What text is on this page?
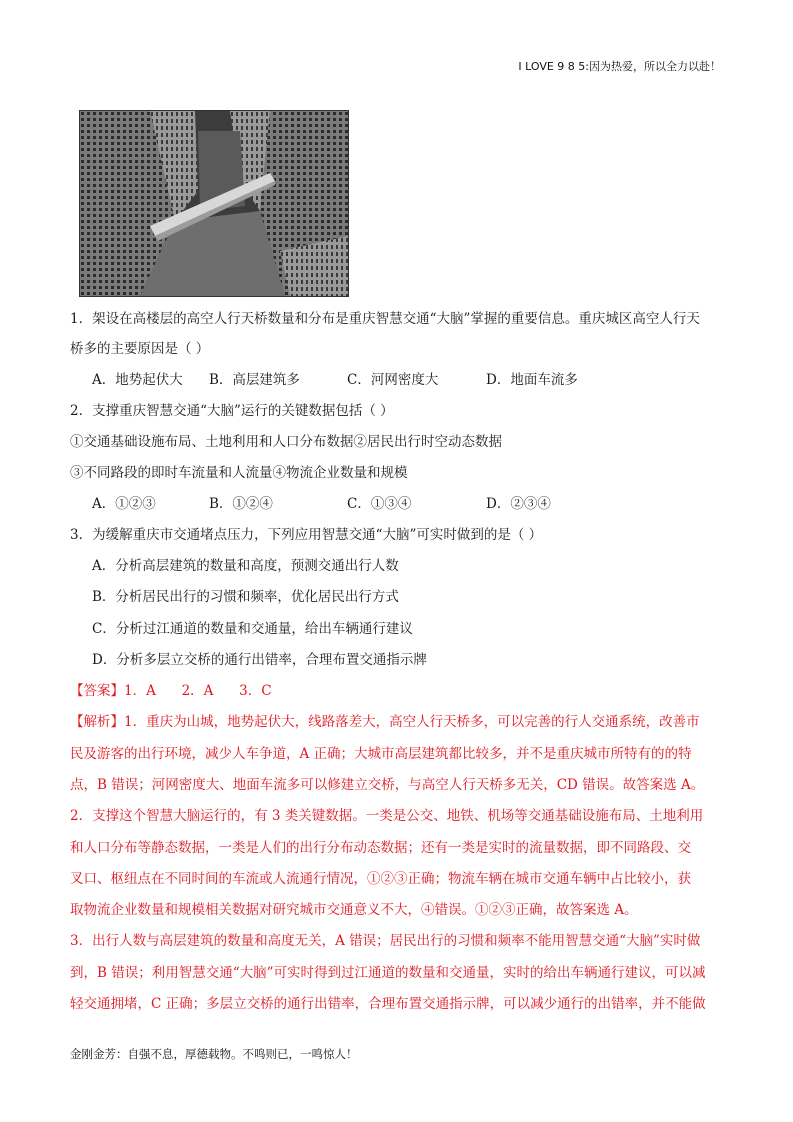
I LOVE 9 8 5:因为热爱，所以全力以赴！
1．架设在高楼层的高空人行天桥数量和分布是重庆智慧交通“大脑”掌握的重要信息。重庆城区高空人行天
桥多的主要原因是（ ）
A．地势起伏大 B．高层建筑多	C．河网密度大	D．地面车流多
2．支撑重庆智慧交通“大脑”运行的关键数据包括（ ）
①交通基础设施布局、土地利用和人口分布数据②居民出行时空动态数据
③不同路段的即时车流量和人流量④物流企业数量和规模
A．①②③	B．①②④	C．①③④	D．②③④
3．为缓解重庆市交通堵点压力，下列应用智慧交通“大脑”可实时做到的是（ ）
A．分析高层建筑的数量和高度，预测交通出行人数
B．分析居民出行的习惯和频率，优化居民出行方式
C．分析过江通道的数量和交通量，给出车辆通行建议
D．分析多层立交桥的通行出错率，合理布置交通指示牌
【答案】1．A      2．A      3．C
【解析】1．重庆为山城，地势起伏大，线路落差大，高空人行天桥多，可以完善的行人交通系统，改善市
民及游客的出行环境，减少人车争道，A 正确；大城市高层建筑都比较多，并不是重庆城市所特有的的特
点，B 错误；河网密度大、地面车流多可以修建立交桥，与高空人行天桥多无关，CD 错误。故答案选 A。
2．支撑这个智慧大脑运行的，有 3 类关键数据。一类是公交、地铁、机场等交通基础设施布局、土地利用
和人口分布等静态数据，一类是人们的出行分布动态数据；还有一类是实时的流量数据，即不同路段、交
叉口、枢纽点在不同时间的车流或人流通行情况，①②③正确；物流车辆在城市交通车辆中占比较小，获
取物流企业数量和规模相关数据对研究城市交通意义不大，④错误。①②③正确，故答案选 A。
3．出行人数与高层建筑的数量和高度无关，A 错误；居民出行的习惯和频率不能用智慧交通“大脑”实时做
到，B 错误；利用智慧交通“大脑”可实时得到过江通道的数量和交通量，实时的给出车辆通行建议，可以减
轻交通拥堵，C 正确；多层立交桥的通行出错率，合理布置交通指示牌，可以减少通行的出错率，并不能做
金刚金芳：自强不息，厚德载物。不鸣则已，一鸣惊人！
